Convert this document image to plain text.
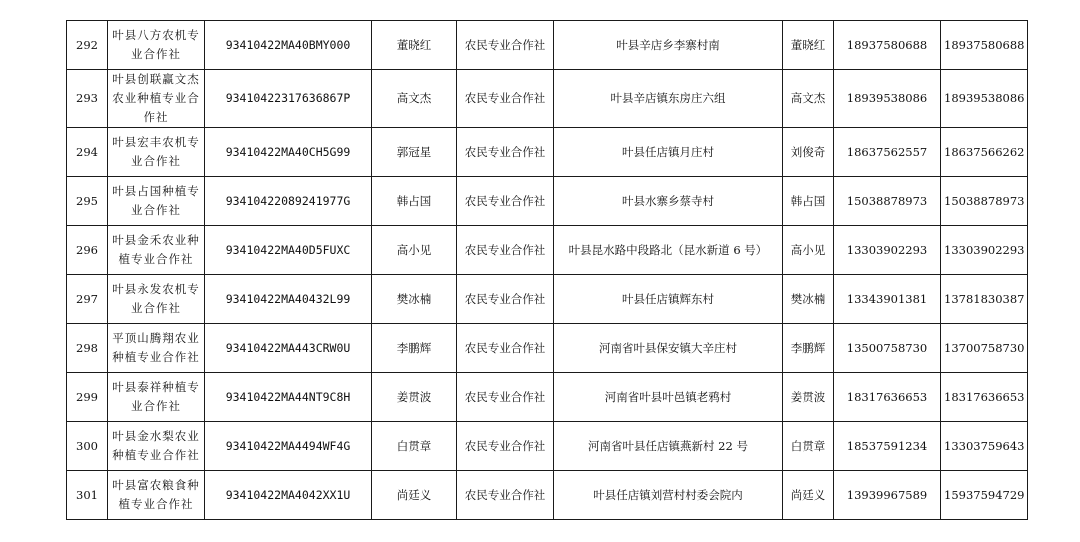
292	叶县八方农机专业合作社	93410422MA40BMY000	董晓红	农民专业合作社	叶县辛店乡李寨村南	董晓红	18937580688	18937580688
293	叶县创联赢文杰农业种植专业合作社	93410422317636867P	高文杰	农民专业合作社	叶县辛店镇东房庄六组	高文杰	18939538086	18939538086
294	叶县宏丰农机专业合作社	93410422MA40CH5G99	郭冠星	农民专业合作社	叶县任店镇月庄村	刘俊奇	18637562557	18637566262
295	叶县占国种植专业合作社	93410422089241977G	韩占国	农民专业合作社	叶县水寨乡蔡寺村	韩占国	15038878973	15038878973
296	叶县金禾农业种植专业合作社	93410422MA40D5FUXC	高小见	农民专业合作社	叶县昆水路中段路北（昆水新道 6 号）	高小见	13303902293	13303902293
297	叶县永发农机专业合作社	93410422MA40432L99	樊冰楠	农民专业合作社	叶县任店镇辉东村	樊冰楠	13343901381	13781830387
298	平顶山腾翔农业种植专业合作社	93410422MA443CRW0U	李鹏辉	农民专业合作社	河南省叶县保安镇大辛庄村	李鹏辉	13500758730	13700758730
299	叶县泰祥种植专业合作社	93410422MA44NT9C8H	姜贯波	农民专业合作社	河南省叶县叶邑镇老鸦村	姜贯波	18317636653	18317636653
300	叶县金水梨农业种植专业合作社	93410422MA4494WF4G	白贯章	农民专业合作社	河南省叶县任店镇燕新村 22 号	白贯章	18537591234	13303759643
301	叶县富农粮食种植专业合作社	93410422MA4042XX1U	尚廷义	农民专业合作社	叶县任店镇刘营村村委会院内	尚廷义	13939967589	15937594729
